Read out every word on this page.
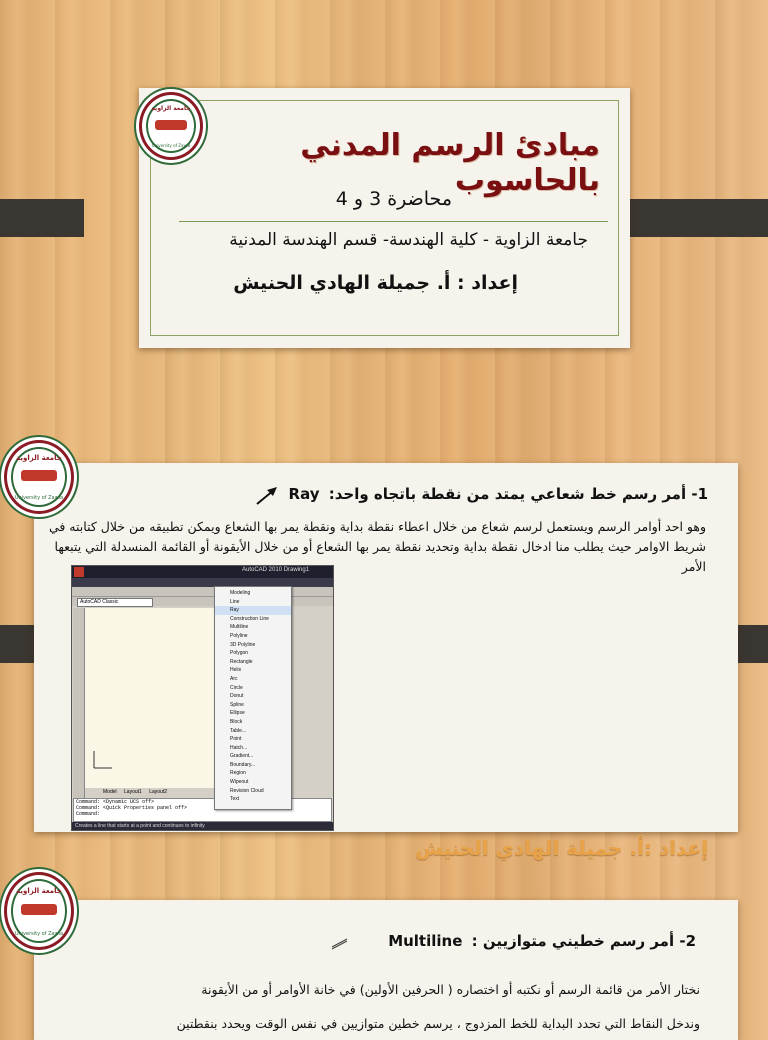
مبادئ الرسم المدني بالحاسوب
محاضرة 3 و 4
جامعة الزاوية - كلية الهندسة- قسم الهندسة المدنية
إعداد : أ. جميلة الهادي الحنيش
جامعة الزاوية
University of Zawia
1- أمر رسم خط شعاعي يمتد من نقطة باتجاه واحد: Ray
وهو احد أوامر الرسم ويستعمل لرسم شعاع من خلال اعطاء نقطة بداية ونقطة يمر بها الشعاع ويمكن تطبيقه من خلال كتابته في شريط الاوامر حيث يطلب منا ادخال نقطة بداية وتحديد نقطة يمر بها الشعاع أو من خلال الأيقونة أو القائمة المنسدلة التي يتبعها الأمر
AutoCAD 2010 Drawing1
AutoCAD Classic
Model Layout1 Layout2
Command: <Dynamic UCS off>
Command: <Quick Properties panel off>
Command:
Creates a line that starts at a point and continues to infinity
Modeling
Line
Ray
Construction Line
Multiline
Polyline
3D Polyline
Polygon
Rectangle
Helix
Arc
Circle
Donut
Spline
Ellipse
Block
Table...
Point
Hatch...
Gradient...
Boundary...
Region
Wipeout
Revision Cloud
Text
إعداد :أ. جميلة الهادي الحنيش
جامعة الزاوية
University of Zawia
2- أمر رسم خطيني متوازيين : Multiline
نختار الأمر من قائمة الرسم أو نكتبه أو اختصاره ( الحرفين الأولين) في خانة الأوامر أو من الأيقونة
وندخل النقاط التي تحدد البداية للخط المزدوج ، يرسم خطين متوازيين في نفس الوقت ويحدد بنقطتين
جامعة الزاوية
University of Zawia
